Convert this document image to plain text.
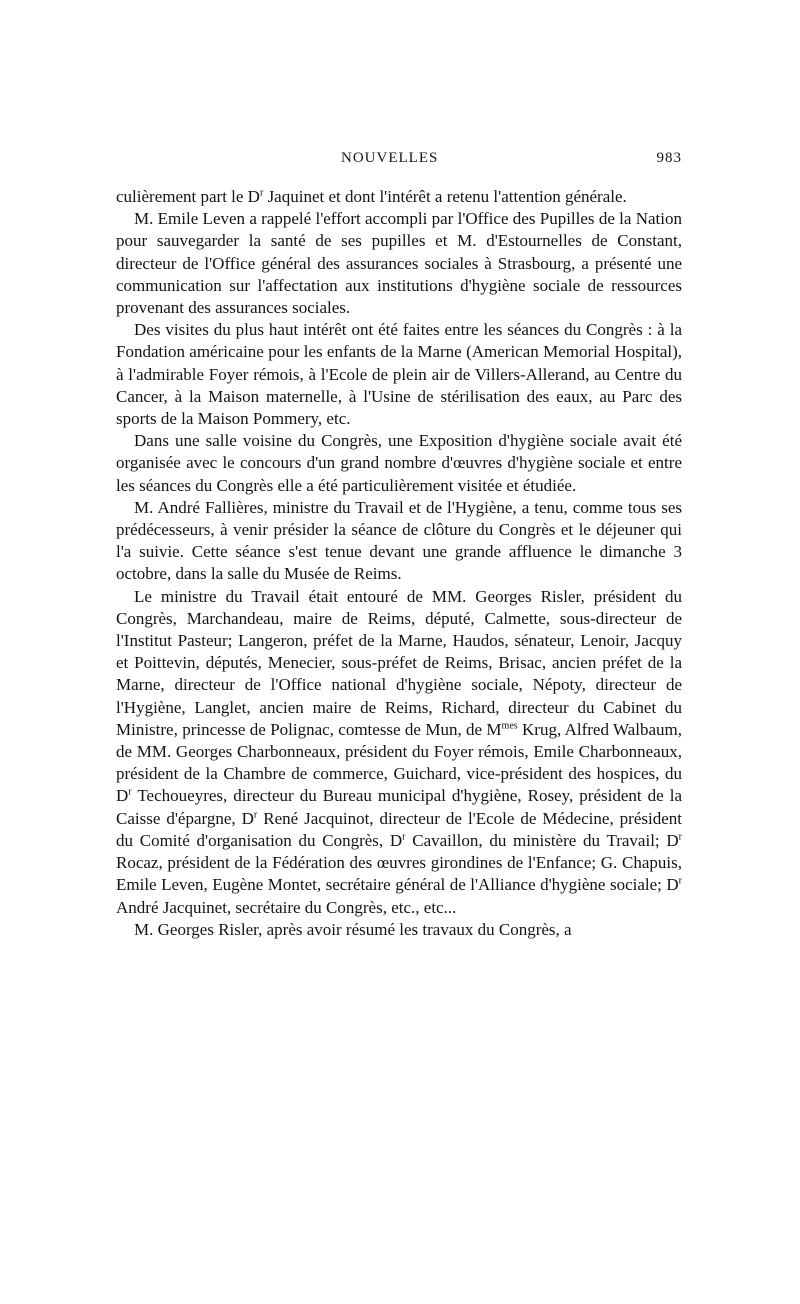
NOUVELLES	983

culièrement part le $D^r$ Jaquinet et dont l'intérêt a retenu l'attention générale.

M. Emile Leven a rappelé l'effort accompli par l'Office des Pupilles de la Nation pour sauvegarder la santé de ses pupilles et M. d'Estournelles de Constant, directeur de l'Office général des assurances sociales à Strasbourg, a présenté une communication sur l'affectation aux institutions d'hygiène sociale de ressources provenant des assurances sociales.

Des visites du plus haut intérêt ont été faites entre les séances du Congrès : à la Fondation américaine pour les enfants de la Marne (American Memorial Hospital), à l'admirable Foyer rémois, à l'Ecole de plein air de Villers-Allerand, au Centre du Cancer, à la Maison maternelle, à l'Usine de stérilisation des eaux, au Parc des sports de la Maison Pommery, etc.

Dans une salle voisine du Congrès, une Exposition d'hygiène sociale avait été organisée avec le concours d'un grand nombre d'œuvres d'hygiène sociale et entre les séances du Congrès elle a été particulièrement visitée et étudiée.

M. André Fallières, ministre du Travail et de l'Hygiène, a tenu, comme tous ses prédécesseurs, à venir présider la séance de clôture du Congrès et le déjeuner qui l'a suivie. Cette séance s'est tenue devant une grande affluence le dimanche 3 octobre, dans la salle du Musée de Reims.

Le ministre du Travail était entouré de MM. Georges Risler, président du Congrès, Marchandeau, maire de Reims, député, Calmette, sous-directeur de l'Institut Pasteur; Langeron, préfet de la Marne, Haudos, sénateur, Lenoir, Jacquy et Poittevin, députés, Menecier, sous-préfet de Reims, Brisac, ancien préfet de la Marne, directeur de l'Office national d'hygiène sociale, Népoty, directeur de l'Hygiène, Langlet, ancien maire de Reims, Richard, directeur du Cabinet du Ministre, princesse de Polignac, comtesse de Mun, de $M^{mes}$ Krug, Alfred Walbaum, de MM. Georges Charbonneaux, président du Foyer rémois, Emile Charbonneaux, président de la Chambre de commerce, Guichard, vice-président des hospices, du $D^r$ Techoueyres, directeur du Bureau municipal d'hygiène, Rosey, président de la Caisse d'épargne, $D^r$ René Jacquinot, directeur de l'Ecole de Médecine, président du Comité d'organisation du Congrès, $D^r$ Cavaillon, du ministère du Travail; $D^r$ Rocaz, président de la Fédération des œuvres girondines de l'Enfance; G. Chapuis, Emile Leven, Eugène Montet, secrétaire général de l'Alliance d'hygiène sociale; $D^r$ André Jacquinet, secrétaire du Congrès, etc., etc...

M. Georges Risler, après avoir résumé les travaux du Congrès, a
